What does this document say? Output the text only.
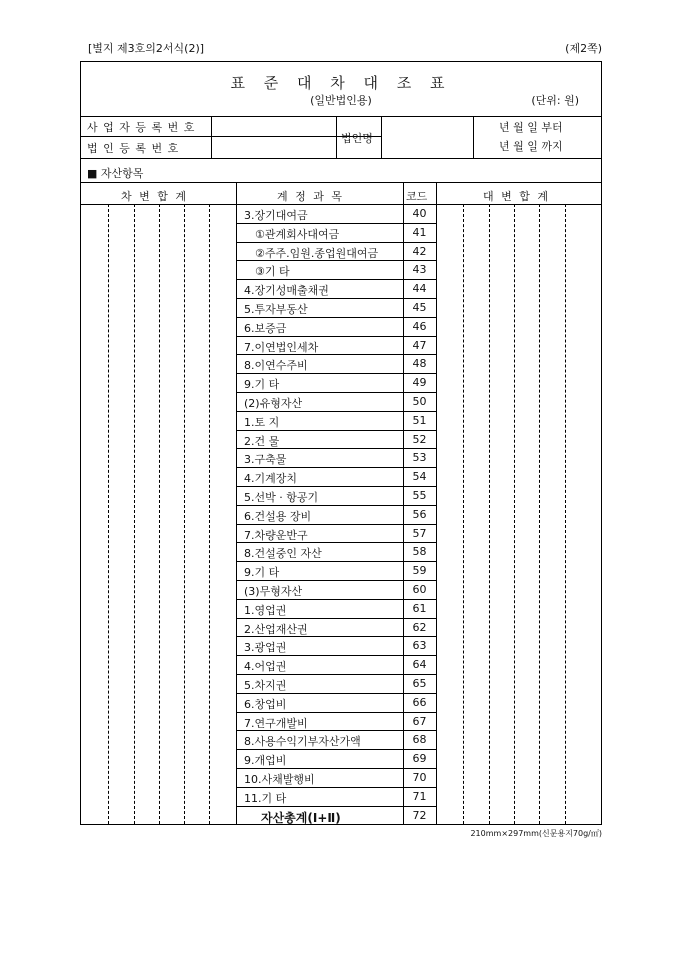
[별지 제3호의2서식(2)]	(제2쪽)
표 준 대 차 대 조 표
(일반법인용)	(단위: 원)
사 업 자 등 록 번 호
법 인 등 록 번 호
법인명
년 월 일 부터
년 월 일 까지
■ 자산항목
차 변 합 계	계 정 과 목	코드	대 변 합 계
3.장기대여금	40
①관계회사대여금	41
②주주.임원.종업원대여금	42
③기 타	43
4.장기성매출채권	44
5.투자부동산	45
6.보증금	46
7.이연법인세차	47
8.이연수주비	48
9.기 타	49
(2)유형자산	50
1.토 지	51
2.건 물	52
3.구축물	53
4.기계장치	54
5.선박 · 항공기	55
6.건설용 장비	56
7.차량운반구	57
8.건설중인 자산	58
9.기 타	59
(3)무형자산	60
1.영업권	61
2.산업재산권	62
3.광업권	63
4.어업권	64
5.차지권	65
6.창업비	66
7.연구개발비	67
8.사용수익기부자산가액	68
9.개업비	69
10.사채발행비	70
11.기 타	71
자산총계(Ⅰ+Ⅱ)	72
210mm×297mm(신문용지70g/㎡)
